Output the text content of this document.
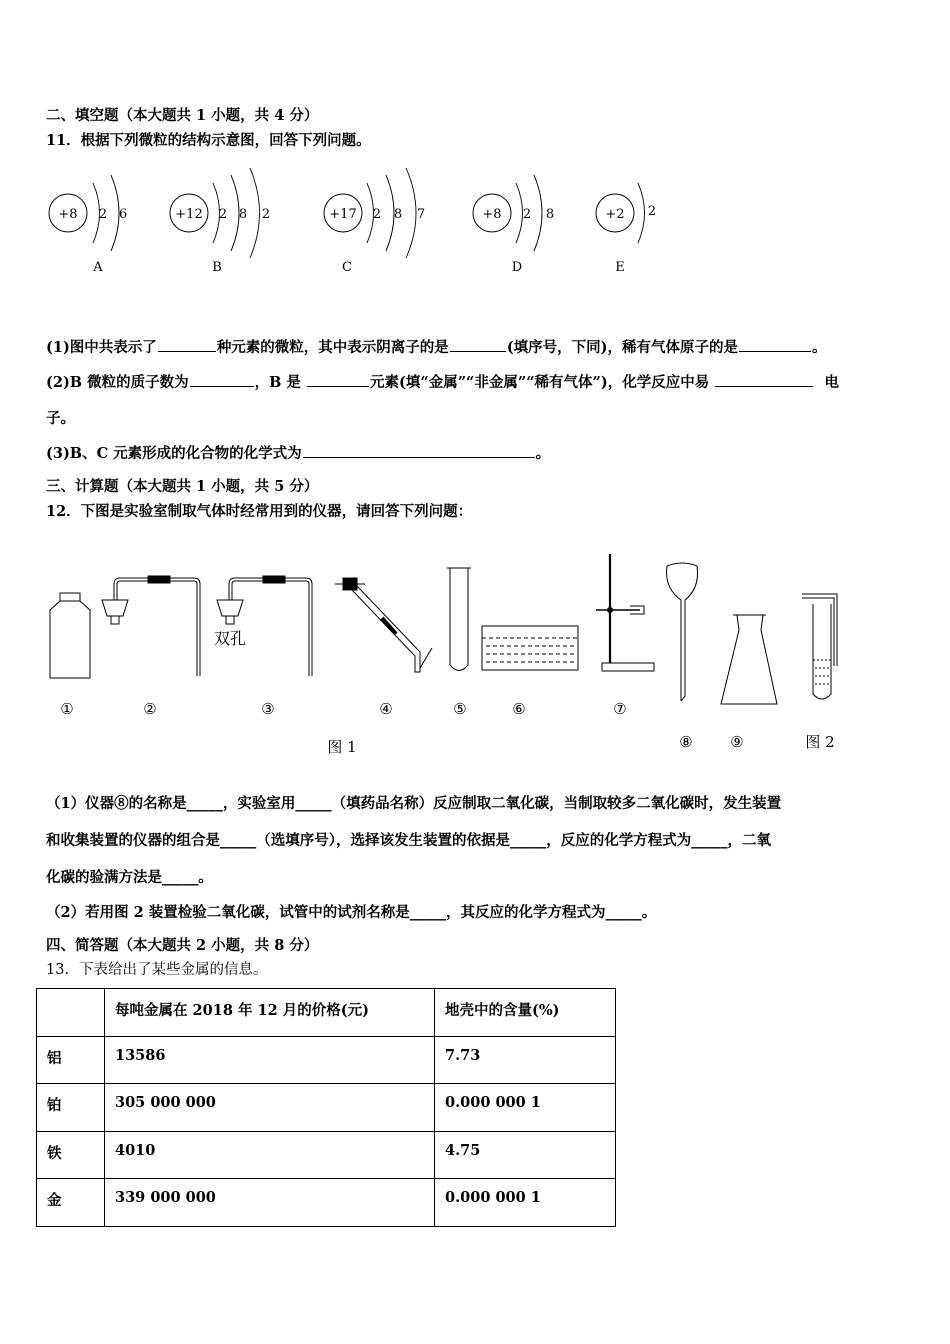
二、填空题（本大题共 1 小题，共 4 分）
11．根据下列微粒的结构示意图，回答下列问题。
+8 2 6
A
+12 2 8 2
B
+17 2 8 7
C
+8 2 8
D
+2 2
E
(1)图中共表示了	种元素的微粒，其中表示阴离子的是	(填序号，下同)，稀有气体原子的是	。
(2)B 微粒的质子数为	，B 是	元素(填“金属”“非金属”“稀有气体”)，化学反应中易	电
子。
(3)B、C 元素形成的化合物的化学式为	。
三、计算题（本大题共 1 小题，共 5 分）
12．下图是实验室制取气体时经常用到的仪器，请回答下列问题：
双孔
①	②	③	④	⑤	⑥	⑦
⑧	⑨
图 1	图 2
（1）仪器⑧的名称是_____，实验室用_____（填药品名称）反应制取二氧化碳，当制取较多二氧化碳时，发生装置
和收集装置的仪器的组合是_____（选填序号），选择该发生装置的依据是_____，反应的化学方程式为_____，二氧
化碳的验满方法是_____。
（2）若用图 2 装置检验二氧化碳，试管中的试剂名称是_____，其反应的化学方程式为_____。
四、简答题（本大题共 2 小题，共 8 分）
13．下表给出了某些金属的信息。

	每吨金属在 2018 年 12 月的价格(元)	地壳中的含量(%)

铝	13586	7.73

铂	305 000 000	0.000 000 1

铁	4010	4.75

金	339 000 000	0.000 000 1
